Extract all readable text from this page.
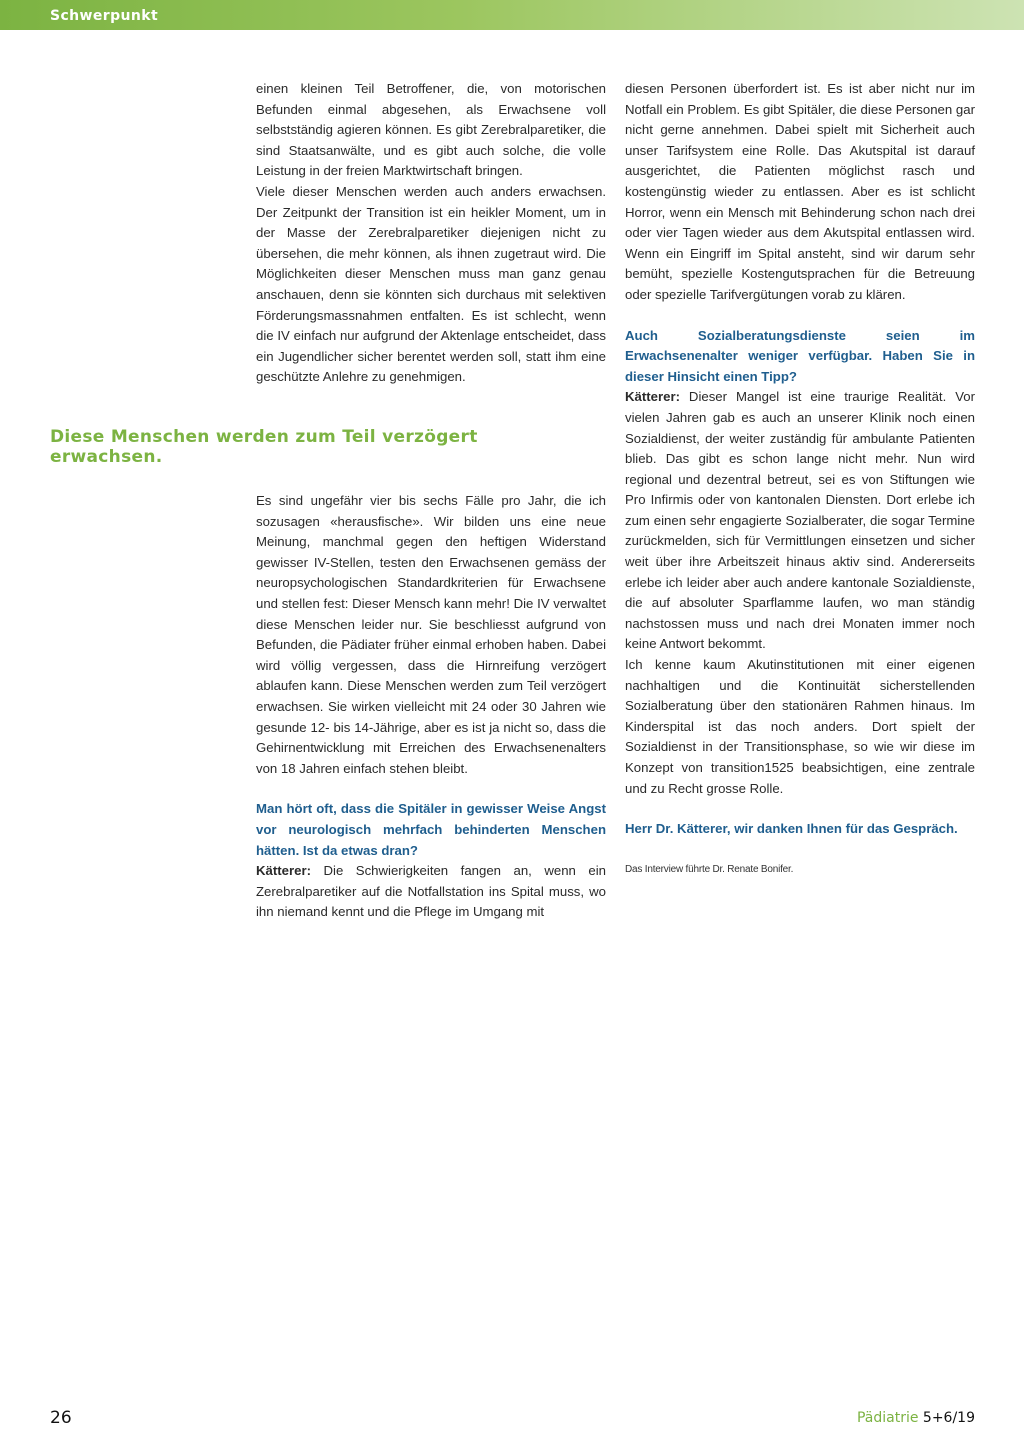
Schwerpunkt

einen kleinen Teil Betroffener, die, von motorischen Befunden einmal abgesehen, als Erwachsene voll selbstständig agieren können. Es gibt Zerebralparetiker, die sind Staatsanwälte, und es gibt auch solche, die volle Leistung in der freien Marktwirtschaft bringen.

Viele dieser Menschen werden auch anders erwachsen. Der Zeitpunkt der Transition ist ein heikler Moment, um in der Masse der Zerebralparetiker diejenigen nicht zu übersehen, die mehr können, als ihnen zugetraut wird. Die Möglichkeiten dieser Menschen muss man ganz genau anschauen, denn sie könnten sich durchaus mit selektiven Förderungsmassnahmen entfalten. Es ist schlecht, wenn die IV einfach nur aufgrund der Aktenlage entscheidet, dass ein Jugendlicher sicher berentet werden soll, statt ihm eine geschützte Anlehre zu genehmigen.

Diese Menschen werden zum Teil verzögert erwachsen.

Es sind ungefähr vier bis sechs Fälle pro Jahr, die ich sozusagen «herausfische». Wir bilden uns eine neue Meinung, manchmal gegen den heftigen Widerstand gewisser IV-Stellen, testen den Erwachsenen gemäss der neuropsychologischen Standardkriterien für Erwachsene und stellen fest: Dieser Mensch kann mehr! Die IV verwaltet diese Menschen leider nur. Sie beschliesst aufgrund von Befunden, die Pädiater früher einmal erhoben haben. Dabei wird völlig vergessen, dass die Hirnreifung verzögert ablaufen kann. Diese Menschen werden zum Teil verzögert erwachsen. Sie wirken vielleicht mit 24 oder 30 Jahren wie gesunde 12- bis 14-Jährige, aber es ist ja nicht so, dass die Gehirnentwicklung mit Erreichen des Erwachsenenalters von 18 Jahren einfach stehen bleibt.

Man hört oft, dass die Spitäler in gewisser Weise Angst vor neurologisch mehrfach behinderten Menschen hätten. Ist da etwas dran?

Kätterer: Die Schwierigkeiten fangen an, wenn ein Zerebralparetiker auf die Notfallstation ins Spital muss, wo ihn niemand kennt und die Pflege im Umgang mit

diesen Personen überfordert ist. Es ist aber nicht nur im Notfall ein Problem. Es gibt Spitäler, die diese Personen gar nicht gerne annehmen. Dabei spielt mit Sicherheit auch unser Tarifsystem eine Rolle. Das Akutspital ist darauf ausgerichtet, die Patienten möglichst rasch und kostengünstig wieder zu entlassen. Aber es ist schlicht Horror, wenn ein Mensch mit Behinderung schon nach drei oder vier Tagen wieder aus dem Akutspital entlassen wird. Wenn ein Eingriff im Spital ansteht, sind wir darum sehr bemüht, spezielle Kostengutsprachen für die Betreuung oder spezielle Tarifvergütungen vorab zu klären.

Auch Sozialberatungsdienste seien im Erwachsenenalter weniger verfügbar. Haben Sie in dieser Hinsicht einen Tipp?

Kätterer: Dieser Mangel ist eine traurige Realität. Vor vielen Jahren gab es auch an unserer Klinik noch einen Sozialdienst, der weiter zuständig für ambulante Patienten blieb. Das gibt es schon lange nicht mehr. Nun wird regional und dezentral betreut, sei es von Stiftungen wie Pro Infirmis oder von kantonalen Diensten. Dort erlebe ich zum einen sehr engagierte Sozialberater, die sogar Termine zurückmelden, sich für Vermittlungen einsetzen und sicher weit über ihre Arbeitszeit hinaus aktiv sind. Andererseits erlebe ich leider aber auch andere kantonale Sozialdienste, die auf absoluter Sparflamme laufen, wo man ständig nachstossen muss und nach drei Monaten immer noch keine Antwort bekommt.

Ich kenne kaum Akutinstitutionen mit einer eigenen nachhaltigen und die Kontinuität sicherstellenden Sozialberatung über den stationären Rahmen hinaus. Im Kinderspital ist das noch anders. Dort spielt der Sozialdienst in der Transitionsphase, so wie wir diese im Konzept von transition1525 beabsichtigen, eine zentrale und zu Recht grosse Rolle.

Herr Dr. Kätterer, wir danken Ihnen für das Gespräch.

Das Interview führte Dr. Renate Bonifer.

26	Pädiatrie 5+6/19
